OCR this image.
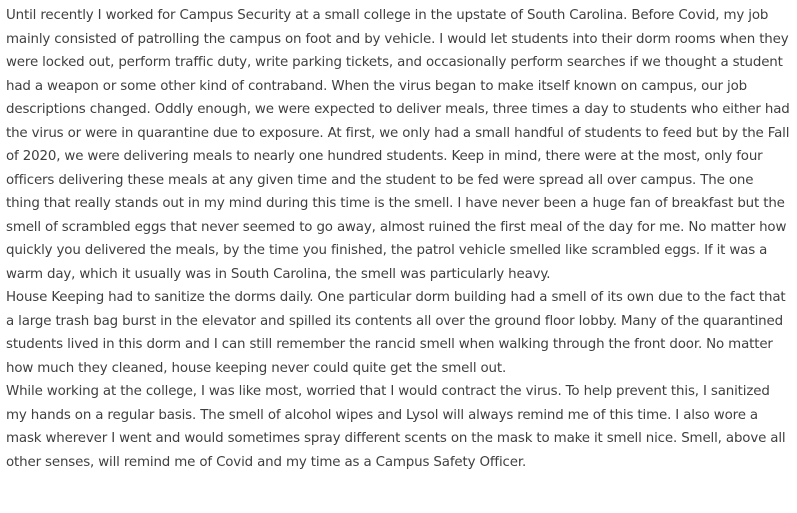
Until recently I worked for Campus Security at a small college in the upstate of South Carolina. Before Covid, my job mainly consisted of patrolling the campus on foot and by vehicle. I would let students into their dorm rooms when they were locked out, perform traffic duty, write parking tickets, and occasionally perform searches if we thought a student had a weapon or some other kind of contraband. When the virus began to make itself known on campus, our job descriptions changed. Oddly enough, we were expected to deliver meals, three times a day to students who either had the virus or were in quarantine due to exposure. At first, we only had a small handful of students to feed but by the Fall of 2020, we were delivering meals to nearly one hundred students. Keep in mind, there were at the most, only four officers delivering these meals at any given time and the student to be fed were spread all over campus. The one thing that really stands out in my mind during this time is the smell. I have never been a huge fan of breakfast but the smell of scrambled eggs that never seemed to go away, almost ruined the first meal of the day for me. No matter how quickly you delivered the meals, by the time you finished, the patrol vehicle smelled like scrambled eggs. If it was a warm day, which it usually was in South Carolina, the smell was particularly heavy.

House Keeping had to sanitize the dorms daily. One particular dorm building had a smell of its own due to the fact that a large trash bag burst in the elevator and spilled its contents all over the ground floor lobby. Many of the quarantined students lived in this dorm and I can still remember the rancid smell when walking through the front door. No matter how much they cleaned, house keeping never could quite get the smell out.

While working at the college, I was like most, worried that I would contract the virus. To help prevent this, I sanitized my hands on a regular basis. The smell of alcohol wipes and Lysol will always remind me of this time. I also wore a mask wherever I went and would sometimes spray different scents on the mask to make it smell nice. Smell, above all other senses, will remind me of Covid and my time as a Campus Safety Officer.
